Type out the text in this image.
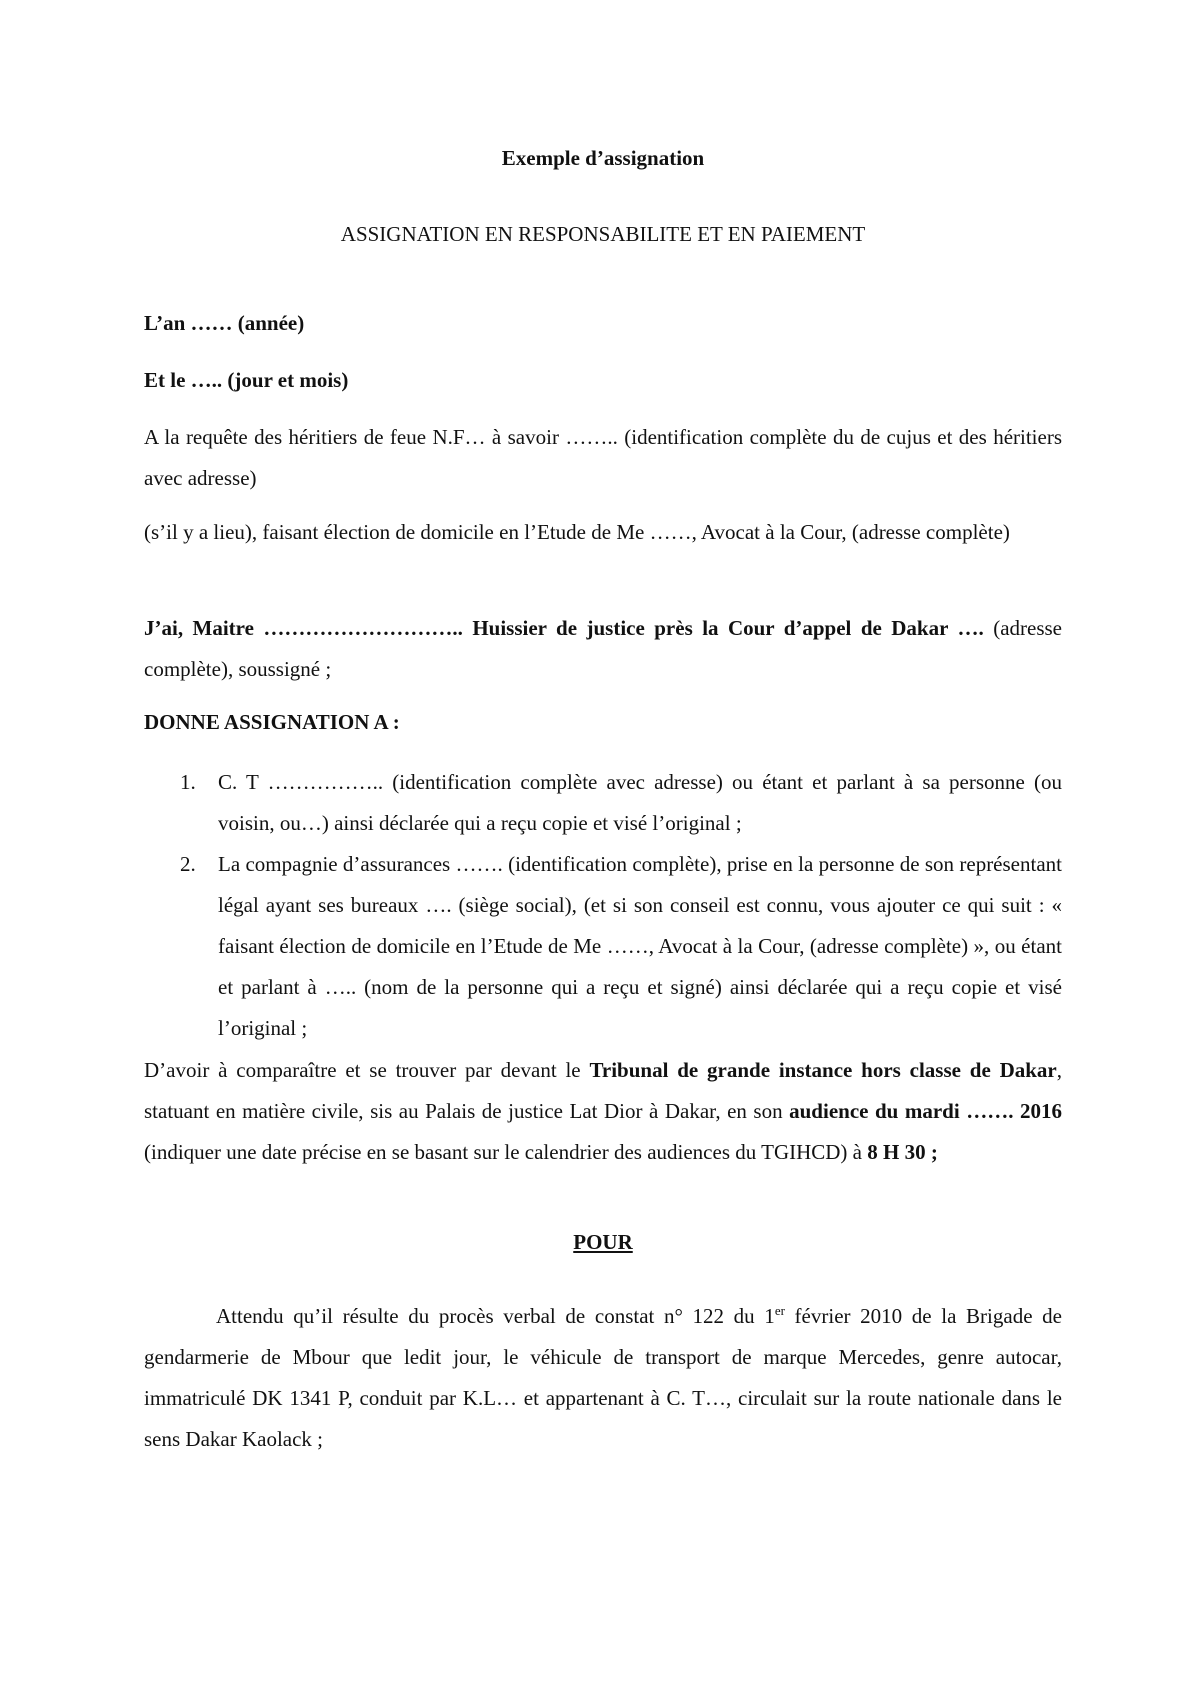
Exemple d’assignation

ASSIGNATION EN RESPONSABILITE ET EN PAIEMENT

L’an …… (année)

Et le ….. (jour et mois)

A la requête des héritiers de feue N.F… à savoir …….. (identification complète du de cujus et des héritiers avec adresse)

(s’il y a lieu), faisant élection de domicile en l’Etude de Me ……, Avocat à la Cour, (adresse complète)

J’ai, Maitre ……………………….. Huissier de justice près la Cour d’appel de Dakar …. (adresse complète), soussigné ;

DONNE ASSIGNATION A :

1. C. T …………….. (identification complète avec adresse) ou étant et parlant à sa personne (ou voisin, ou…) ainsi déclarée qui a reçu copie et visé l’original ;
2. La compagnie d’assurances ……. (identification complète), prise en la personne de son représentant légal ayant ses bureaux …. (siège social), (et si son conseil est connu, vous ajouter ce qui suit : « faisant élection de domicile en l’Etude de Me ……, Avocat à la Cour, (adresse complète) », ou étant et parlant à ….. (nom de la personne qui a reçu et signé) ainsi déclarée qui a reçu copie et visé l’original ;

D’avoir à comparaître et se trouver par devant le Tribunal de grande instance hors classe de Dakar, statuant en matière civile, sis au Palais de justice Lat Dior à Dakar, en son audience du mardi ……. 2016 (indiquer une date précise en se basant sur le calendrier des audiences du TGIHCD) à 8 H 30 ;

POUR

Attendu qu’il résulte du procès verbal de constat n° 122 du 1er février 2010 de la Brigade de gendarmerie de Mbour que ledit jour, le véhicule de transport de marque Mercedes, genre autocar, immatriculé DK 1341 P, conduit par K.L… et appartenant à C. T…, circulait sur la route nationale dans le sens Dakar Kaolack ;
